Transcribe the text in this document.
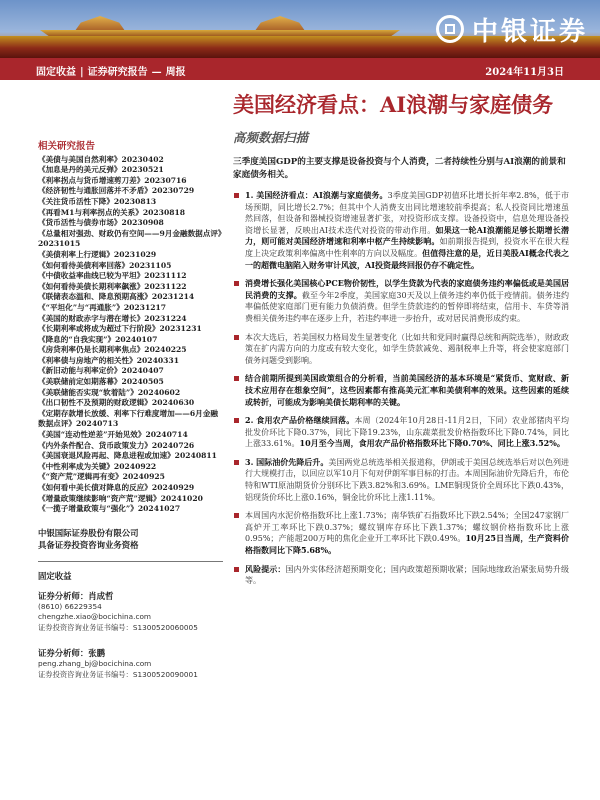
中银证券
固定收益 | 证券研究报告 — 周报	2024年11月3日
美国经济看点：AI浪潮与家庭债务
高频数据扫描
三季度美国GDP的主要支撑是设备投资与个人消费，二者持续性分别与AI浪潮的前景和家庭债务相关。
1. 美国经济看点：AI浪潮与家庭债务。3季度美国GDP初值环比增长折年率2.8%，低于市场预期，同比增长2.7%；但其中个人消费支出同比增速较前季提高；私人投资同比增速虽然回落，但设备和器械投资增速显著扩张，对投资形成支撑。设备投资中，信息处理设备投资增长显著，反映出AI技术迭代对投资的带动作用。如果这一轮AI浪潮能足够长期增长潜力，则可能对美国经济增速和利率中枢产生持续影响。如前期报告提到，投资水平在很大程度上决定政策利率偏离中性利率的方向以及幅度。但值得注意的是，近日美股AI概念代表之一的超微电脑陷入财务审计风波，AI投资最终回报仍存不确定性。
消费增长强化美国核心PCE物价韧性，以学生贷款为代表的家庭债务违约率偏低或是美国居民消费的支撑。截至今年2季度，美国家庭30天及以上债务违约率仍低于疫情前。债务违约率偏低使家庭部门更有能力负债消费。但学生贷款违约的暂停即将结束，信用卡、车贷等消费相关债务违约率在逐步上升，若违约率进一步抬升，或对居民消费形成约束。
本次大选后，若美国权力格局发生显著变化（比如共和党同时赢得总统和两院选举），财政政策在扩内需方向的力度或有较大变化，如学生贷款减免、遏制税率上升等，将会使家庭部门债务问题受到影响。
结合前期所提到美国政策组合的分析看，当前美国经济的基本环境是“紧货币、宽财政、新技术应用存在想象空间”，这些因素都有推高美元汇率和美债利率的效果。这些因素的延续或转折，可能成为影响美债长期利率的关键。
2. 食用农产品价格继续回落。本周（2024年10月28日-11月2日，下同）农业部猪肉平均批发价环比下降0.37%，同比下降19.23%，山东蔬菜批发价格指数环比下降0.74%，同比上涨33.61%。10月至今当周，食用农产品价格指数环比下降0.70%、同比上涨3.52%。
3. 国际油价先降后升。美国两党总统选举相关报道称，伊朗或于美国总统选举后对以色列进行大规模打击，以回应以军10月下旬对伊朗军事目标的打击。本周国际油价先降后升，布伦特和WTI原油期货价分别环比下跌3.82%和3.69%。LME铜现货价全周环比下跌0.43%，铝现货价环比上涨0.16%，铜金比价环比上涨1.11%。
本周国内水泥价格指数环比上涨1.73%；南华铁矿石指数环比下跌2.54%；全国247家钢厂高炉开工率环比下跌0.37%；螺纹钢库存环比下跌1.37%；螺纹钢价格指数环比上涨0.95%；产能超200万吨的焦化企业开工率环比下跌0.49%。10月25日当周，生产资料价格指数同比下降5.68%。
风险提示：国内外实体经济超预期变化；国内政策超预期收紧；国际地缘政治紧张局势升级等。
相关研究报告
《美债与美国自然利率》20230402
《加息是丹的美元反弹》20230521
《利率拐点与货币增速剪刀差》20230716
《经济韧性与通胀回落并不矛盾》20230729
《关注货币活性下降》20230813
《再看M1与利率拐点的关系》20230818
《货币活性与债券市场》20230908
《总量相对强劲、财政仍有空间——9月金融数据点评》20231015
《美债利率上行逻辑》20231029
《如何看待美债利率回落》20231105
《中债收益率曲线已较为平坦》20231112
《如何看待美债长期利率飙涨》20231122
《联储表态温和、降息预期高涨》20231214
《“平坦化”与“再通胀”》20231217
《美国的财政赤字与潜在增长》20231224
《长期利率或将成为超过下行阶段》20231231
《降息的“自我实现”》20240107
《房贷利率仍是长期利率焦点》20240225
《利率债与房地产的相关性》20240331
《新旧动能与利率定价》20240407
《美联储前定如期落幕》20240505
《美联储能否实现“软着陆”》20240602
《出口韧性不及预期的财政逻辑》20240630
《定期存款增长放缓、利率下行难度增加——6月金融数据点评》20240713
《美国“连动性逆差”开始见效》20240714
《内外条件配合、货币政策发力》20240726
《美国衰退风险再起、降息进程或加速》20240811
《中性利率成为关键》20240922
《“资产荒”逻辑再有变》20240925
《如何看中美长债对降息的反应》20240929
《增量政策继续影响“资产荒”逻辑》20241020
《一揽子增量政策与“强化”》20241027
中银国际证券股份有限公司
具备证券投资咨询业务资格
固定收益
证券分析师：肖成哲
(8610) 66229354
chengzhe.xiao@bocichina.com
证券投资咨询业务证书编号：S1300520060005
证券分析师：张鹏
peng.zhang_bj@bocichina.com
证券投资咨询业务证书编号：S1300520090001
